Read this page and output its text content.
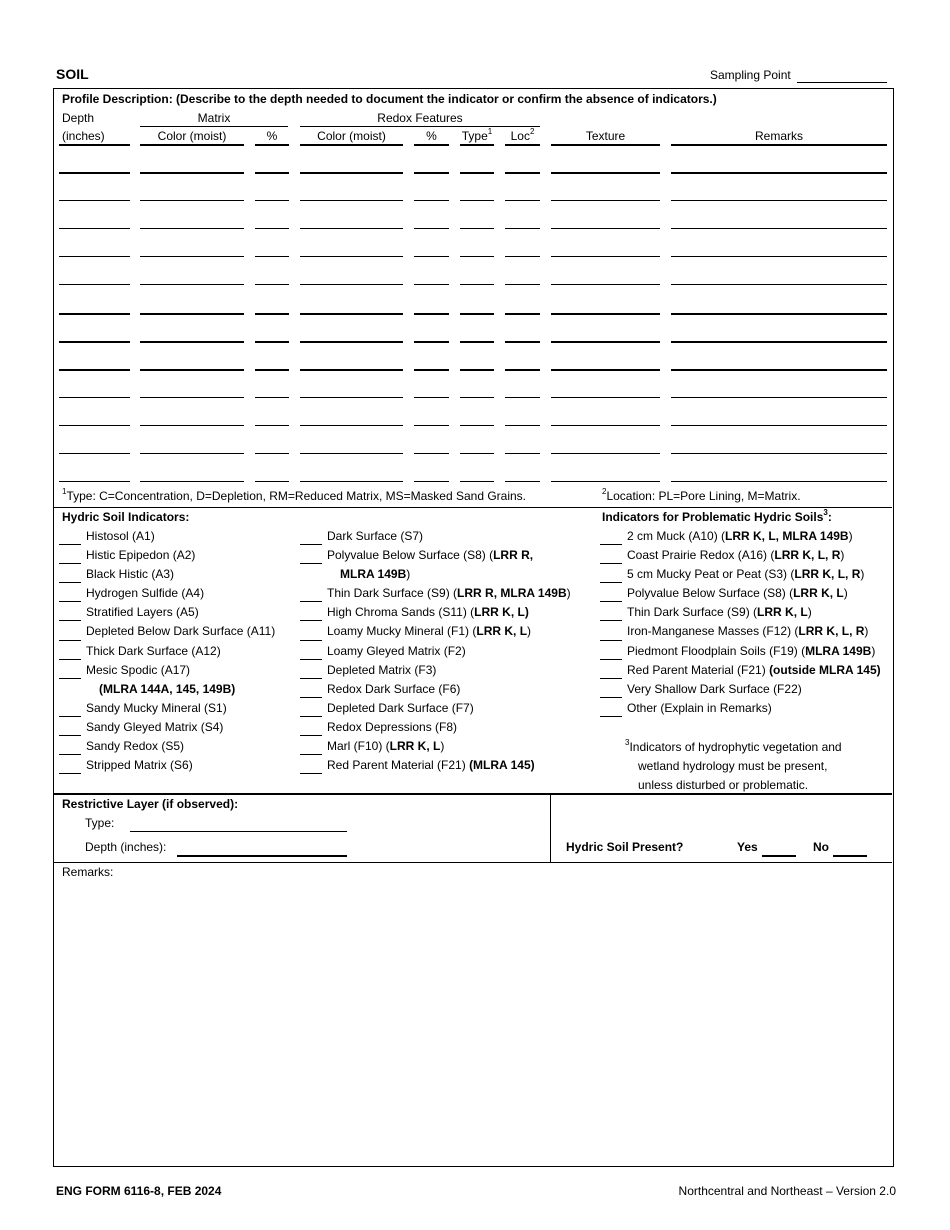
SOIL	Sampling Point
Profile Description: (Describe to the depth needed to document the indicator or confirm the absence of indicators.)
Depth
(inches)
Matrix	Redox Features
Color (moist)	%	Color (moist)	%	Type$^1$	Loc$^2$	Texture	Remarks
$^1$Type: C=Concentration, D=Depletion, RM=Reduced Matrix, MS=Masked Sand Grains.	$^2$Location: PL=Pore Lining, M=Matrix.
Hydric Soil Indicators:	Indicators for Problematic Hydric Soils$^3$:
Histosol (A1)
Histic Epipedon (A2)
Black Histic (A3)
Hydrogen Sulfide (A4)
Stratified Layers (A5)
Depleted Below Dark Surface (A11)
Thick Dark Surface (A12)
Mesic Spodic (A17)
(MLRA 144A, 145, 149B)
Sandy Mucky Mineral (S1)
Sandy Gleyed Matrix (S4)
Sandy Redox (S5)
Stripped Matrix (S6)
Dark Surface (S7)
Polyvalue Below Surface (S8) (LRR R,
MLRA 149B)
Thin Dark Surface (S9) (LRR R, MLRA 149B)
High Chroma Sands (S11) (LRR K, L)
Loamy Mucky Mineral (F1) (LRR K, L)
Loamy Gleyed Matrix (F2)
Depleted Matrix (F3)
Redox Dark Surface (F6)
Depleted Dark Surface (F7)
Redox Depressions (F8)
Marl (F10) (LRR K, L)
Red Parent Material (F21) (MLRA 145)
2 cm Muck (A10) (LRR K, L, MLRA 149B)
Coast Prairie Redox (A16) (LRR K, L, R)
5 cm Mucky Peat or Peat (S3) (LRR K, L, R)
Polyvalue Below Surface (S8) (LRR K, L)
Thin Dark Surface (S9) (LRR K, L)
Iron-Manganese Masses (F12) (LRR K, L, R)
Piedmont Floodplain Soils (F19) (MLRA 149B)
Red Parent Material (F21) (outside MLRA 145)
Very Shallow Dark Surface (F22)
Other (Explain in Remarks)
$^3$Indicators of hydrophytic vegetation and
wetland hydrology must be present,
unless disturbed or problematic.
Restrictive Layer (if observed):
Type:
Depth (inches):	Hydric Soil Present?	Yes	No
Remarks:
ENG FORM 6116-8, FEB 2024	Northcentral and Northeast – Version 2.0
